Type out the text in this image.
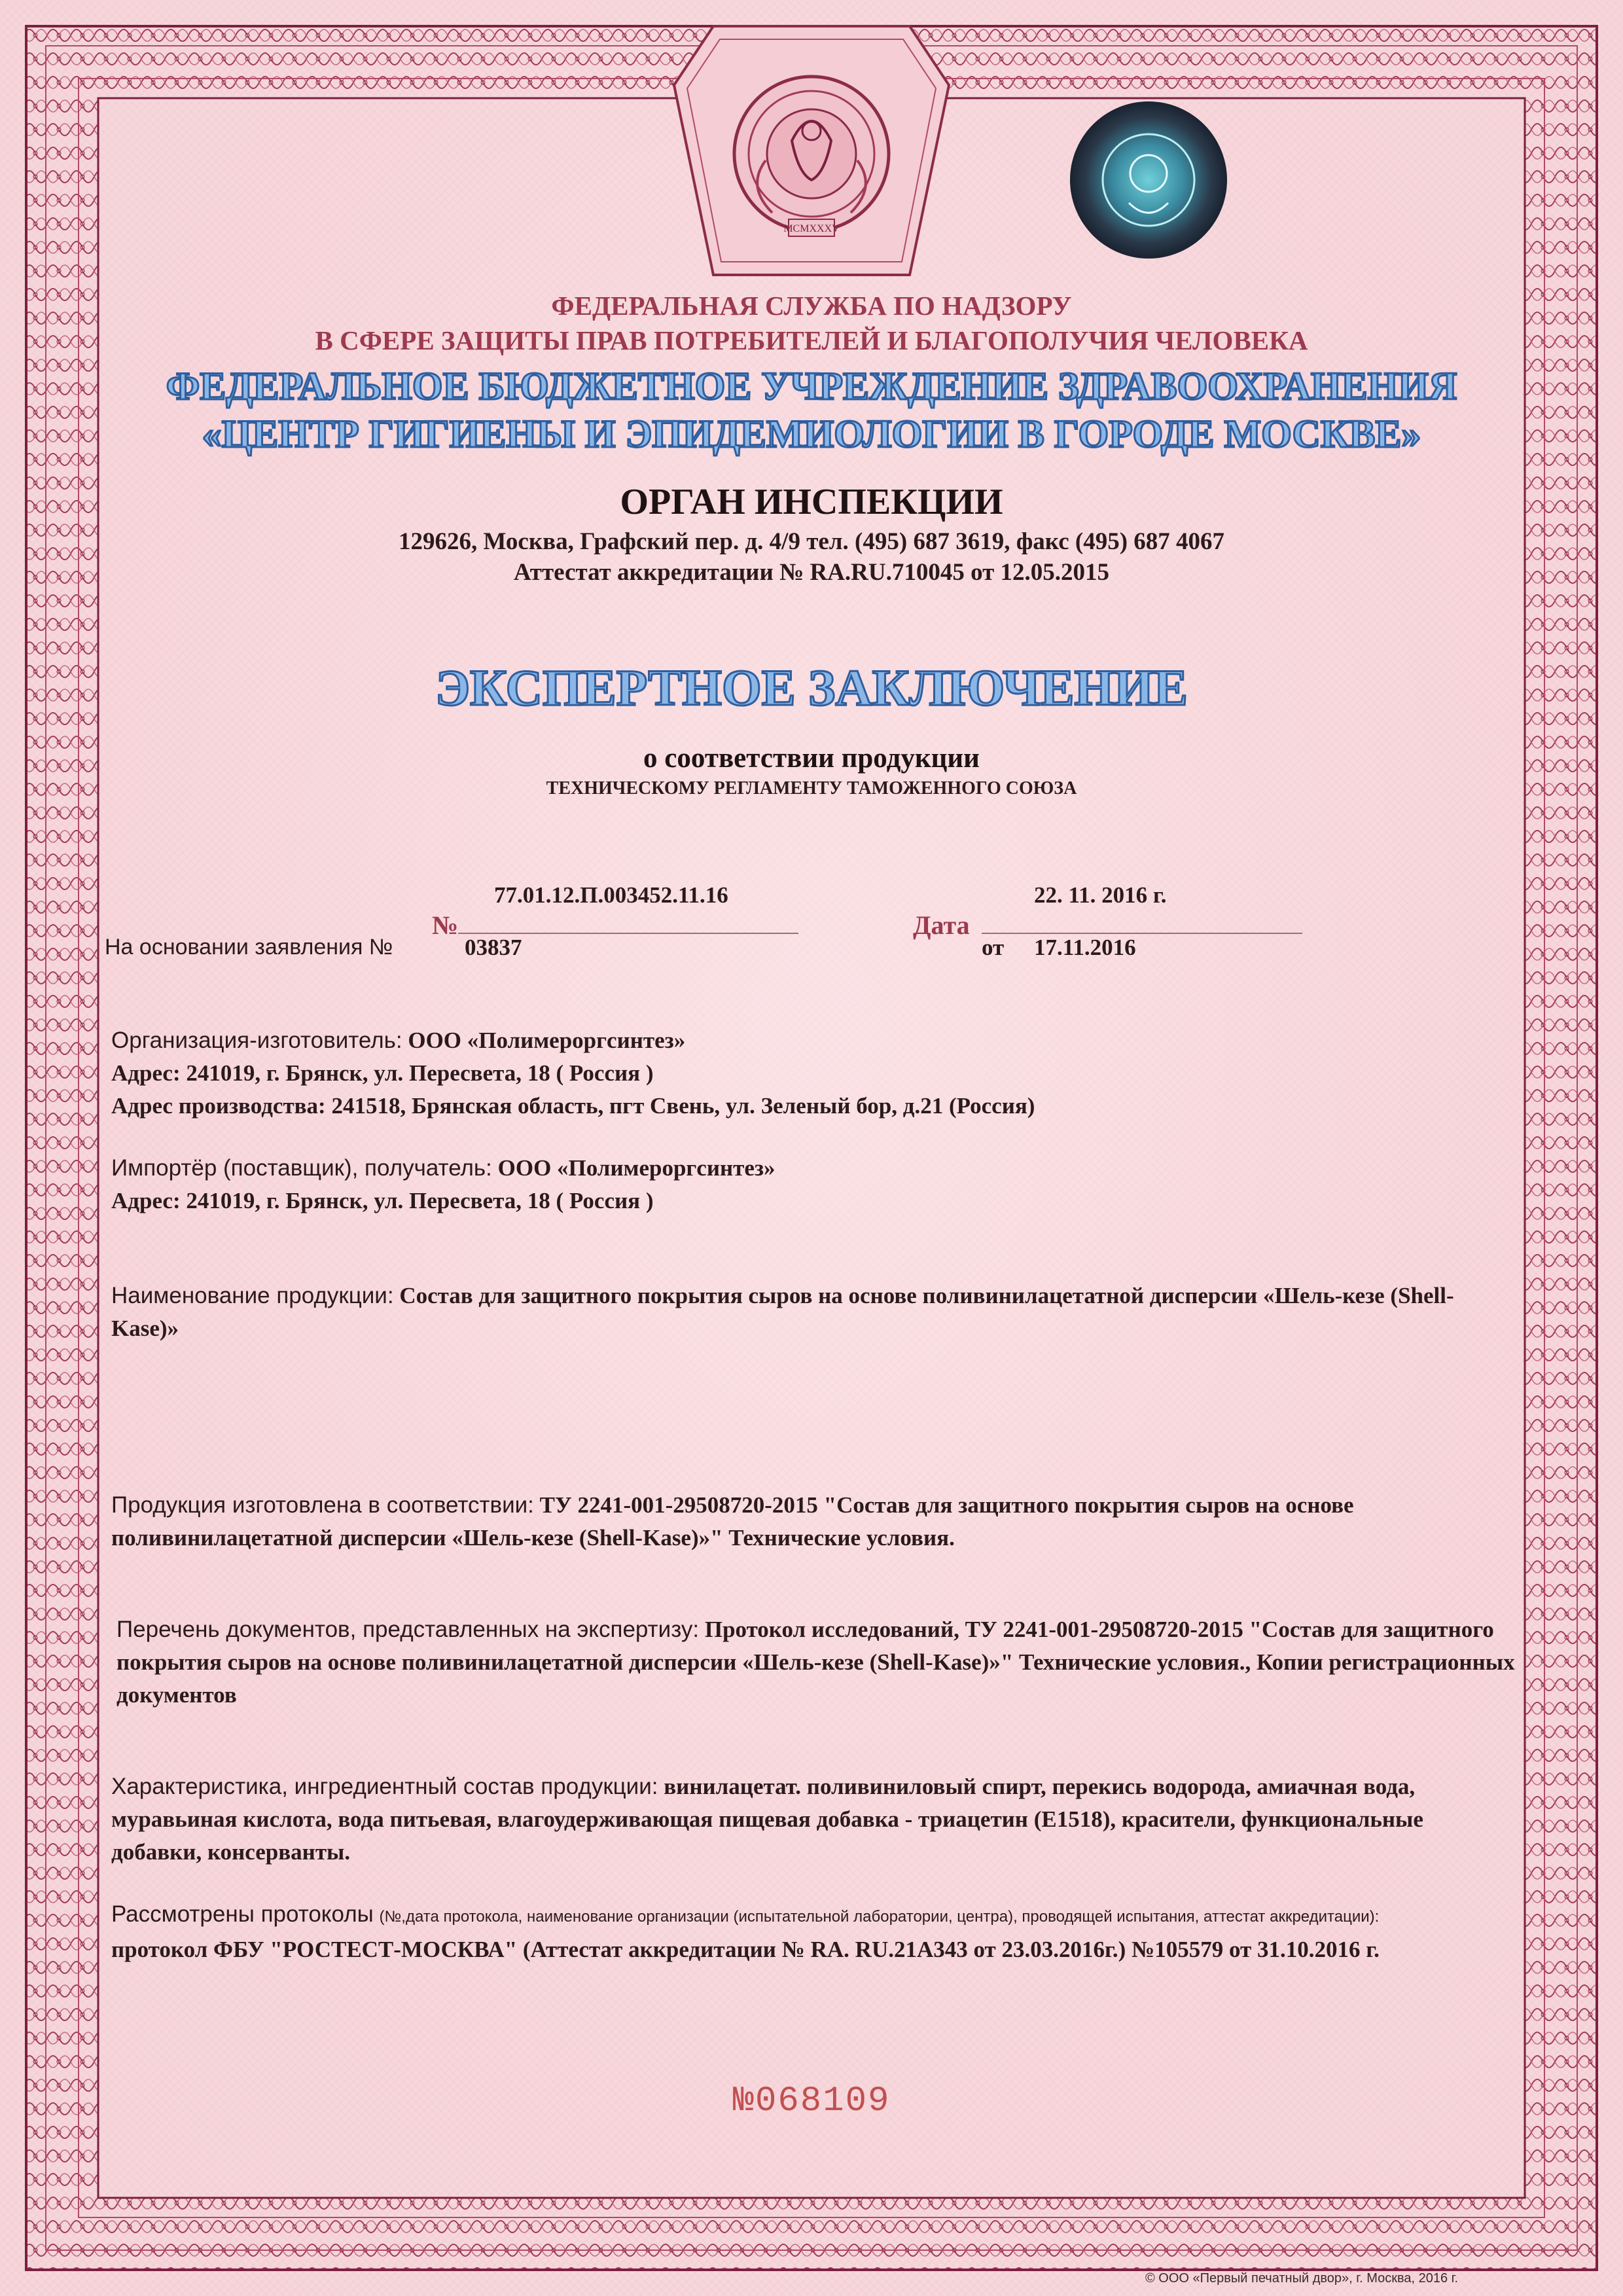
MCMXXXV
ФЕДЕРАЛЬНАЯ СЛУЖБА ПО НАДЗОРУ
В СФЕРЕ ЗАЩИТЫ ПРАВ ПОТРЕБИТЕЛЕЙ И БЛАГОПОЛУЧИЯ ЧЕЛОВЕКА
ФЕДЕРАЛЬНОЕ БЮДЖЕТНОЕ УЧРЕЖДЕНИЕ ЗДРАВООХРАНЕНИЯ
«ЦЕНТР ГИГИЕНЫ И ЭПИДЕМИОЛОГИИ В ГОРОДЕ МОСКВЕ»
ОРГАН ИНСПЕКЦИИ
129626, Москва, Графский пер. д. 4/9 тел. (495) 687 3619, факс (495) 687 4067
Аттестат аккредитации № RA.RU.710045 от 12.05.2015
ЭКСПЕРТНОЕ ЗАКЛЮЧЕНИЕ
о соответствии продукции
ТЕХНИЧЕСКОМУ РЕГЛАМЕНТУ ТАМОЖЕННОГО СОЮЗА
77.01.12.П.003452.11.16
№
22. 11. 2016 г.
Дата
На основании заявления №	03837	от 17.11.2016
Организация-изготовитель: ООО «Полимероргсинтез»
Адрес: 241019, г. Брянск, ул. Пересвета, 18 ( Россия )
Адрес производства: 241518, Брянская область, пгт Свень, ул. Зеленый бор, д.21 (Россия)
Импортёр (поставщик), получатель: ООО «Полимероргсинтез»
Адрес: 241019, г. Брянск, ул. Пересвета, 18 ( Россия )
Наименование продукции: Состав для защитного покрытия сыров на основе поливинилацетатной дисперсии «Шель-кезе (Shell-Kase)»
Продукция изготовлена в соответствии: ТУ 2241-001-29508720-2015 "Состав для защитного покрытия сыров на основе поливинилацетатной дисперсии «Шель-кезе (Shell-Kase)»" Технические условия.
Перечень документов, представленных на экспертизу: Протокол исследований, ТУ 2241-001-29508720-2015 "Состав для защитного покрытия сыров на основе поливинилацетатной дисперсии «Шель-кезе (Shell-Kase)»" Технические условия., Копии регистрационных документов
Характеристика, ингредиентный состав продукции: винилацетат. поливиниловый спирт, перекись водорода, амиачная вода, муравьиная кислота, вода питьевая, влагоудерживающая пищевая добавка - триацетин (Е1518), красители, функциональные добавки, консерванты.
Рассмотрены протоколы (№,дата протокола, наименование организации (испытательной лаборатории, центра), проводящей испытания, аттестат аккредитации):
протокол ФБУ "РОСТЕСТ-МОСКВА" (Аттестат аккредитации № RA. RU.21А343 от 23.03.2016г.) №105579 от 31.10.2016 г.
№068109
© ООО «Первый печатный двор», г. Москва, 2016 г.
